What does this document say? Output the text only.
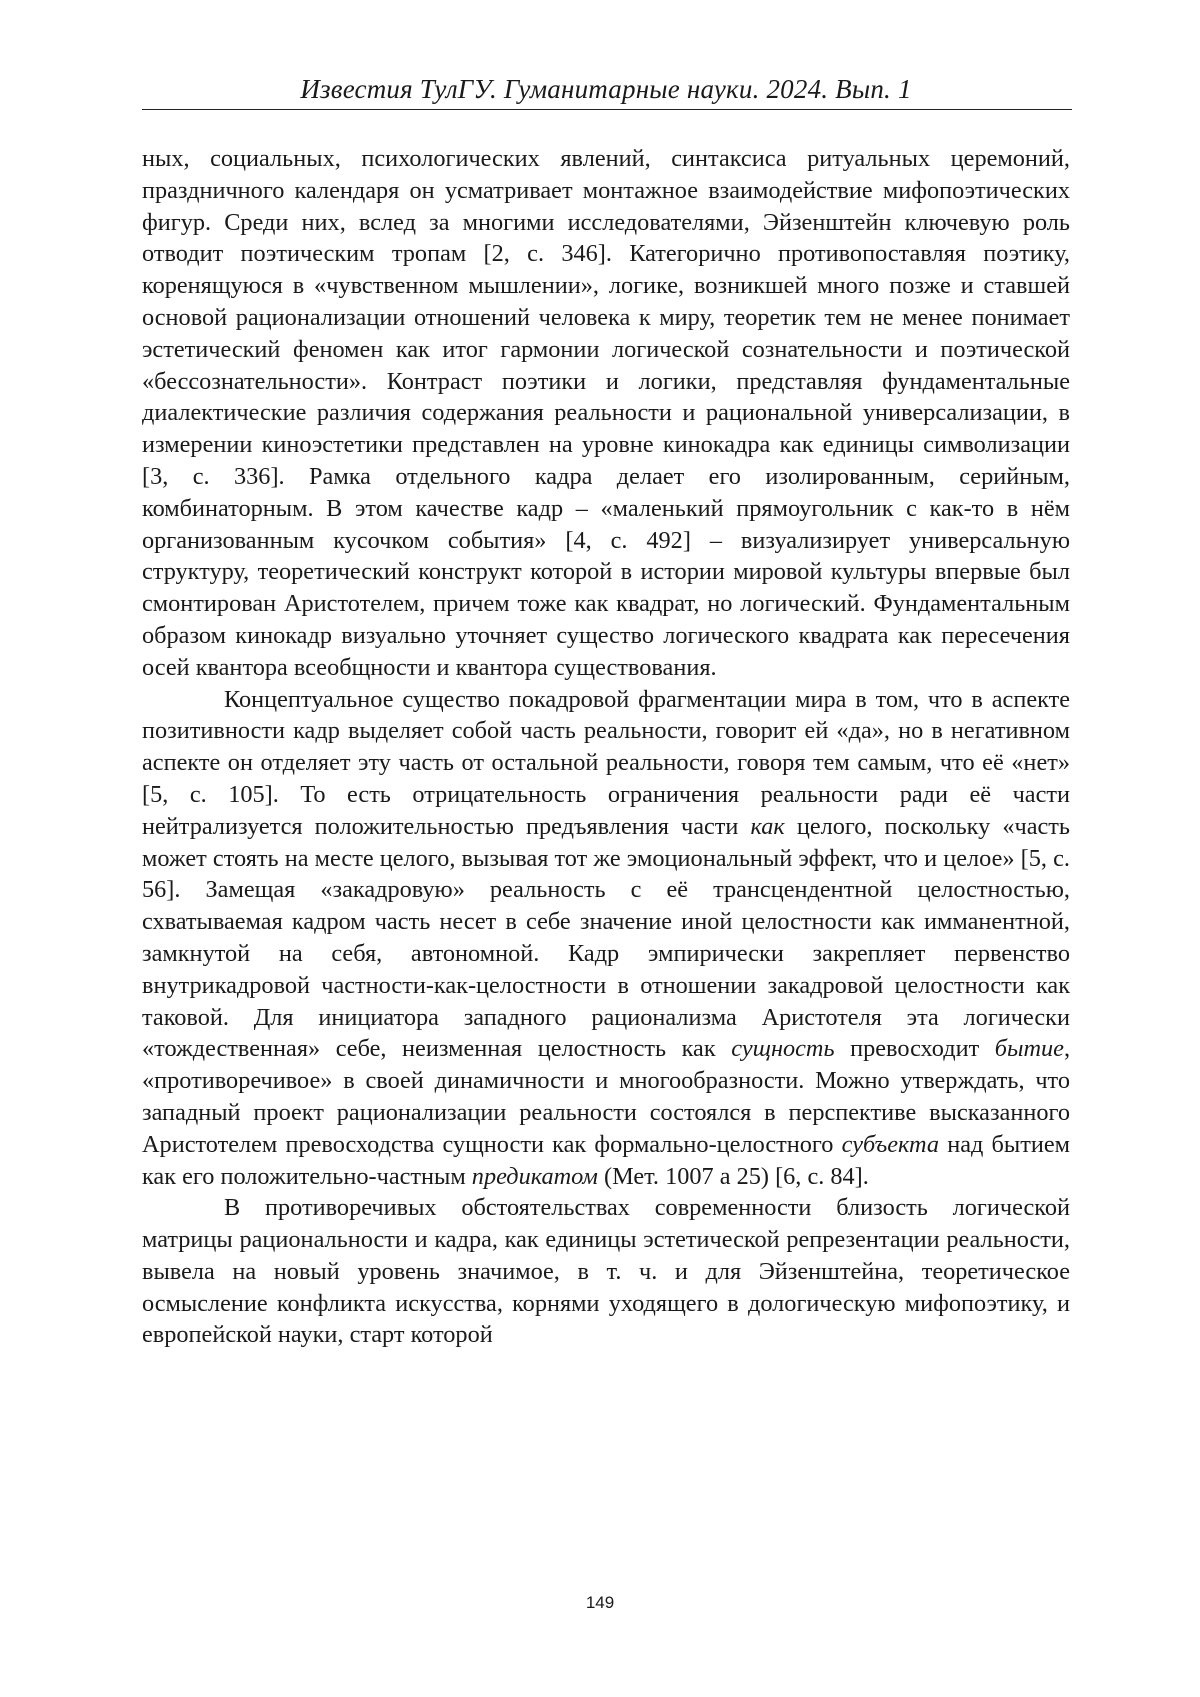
Известия ТулГУ. Гуманитарные науки. 2024. Вып. 1

ных, социальных, психологических явлений, синтаксиса ритуальных церемоний, праздничного календаря он усматривает монтажное взаимодействие мифопоэтических фигур. Среди них, вслед за многими исследователями, Эйзенштейн ключевую роль отводит поэтическим тропам [2, с. 346]. Категорично противопоставляя поэтику, коренящуюся в «чувственном мышлении», логике, возникшей много позже и ставшей основой рационализации отношений человека к миру, теоретик тем не менее понимает эстетический феномен как итог гармонии логической сознательности и поэтической «бессознательности». Контраст поэтики и логики, представляя фундаментальные диалектические различия содержания реальности и рациональной универсализации, в измерении киноэстетики представлен на уровне кинокадра как единицы символизации [3, с. 336]. Рамка отдельного кадра делает его изолированным, серийным, комбинаторным. В этом качестве кадр – «маленький прямоугольник с как-то в нём организованным кусочком события» [4, с. 492] – визуализирует универсальную структуру, теоретический конструкт которой в истории мировой культуры впервые был смонтирован Аристотелем, причем тоже как квадрат, но логический. Фундаментальным образом кинокадр визуально уточняет существо логического квадрата как пересечения осей квантора всеобщности и квантора существования.

Концептуальное существо покадровой фрагментации мира в том, что в аспекте позитивности кадр выделяет собой часть реальности, говорит ей «да», но в негативном аспекте он отделяет эту часть от остальной реальности, говоря тем самым, что её «нет» [5, с. 105]. То есть отрицательность ограничения реальности ради её части нейтрализуется положительностью предъявления части как целого, поскольку «часть может стоять на месте целого, вызывая тот же эмоциональный эффект, что и целое» [5, с. 56]. Замещая «закадровую» реальность с её трансцендентной целостностью, схватываемая кадром часть несет в себе значение иной целостности как имманентной, замкнутой на себя, автономной. Кадр эмпирически закрепляет первенство внутрикадровой частности-как-целостности в отношении закадровой целостности как таковой. Для инициатора западного рационализма Аристотеля эта логически «тождественная» себе, неизменная целостность как сущность превосходит бытие, «противоречивое» в своей динамичности и многообразности. Можно утверждать, что западный проект рационализации реальности состоялся в перспективе высказанного Аристотелем превосходства сущности как формально-целостного субъекта над бытием как его положительно-частным предикатом (Мет. 1007 а 25) [6, с. 84].

В противоречивых обстоятельствах современности близость логической матрицы рациональности и кадра, как единицы эстетической репрезентации реальности, вывела на новый уровень значимое, в т. ч. и для Эйзенштейна, теоретическое осмысление конфликта искусства, корнями уходящего в дологическую мифопоэтику, и европейской науки, старт которой

149
